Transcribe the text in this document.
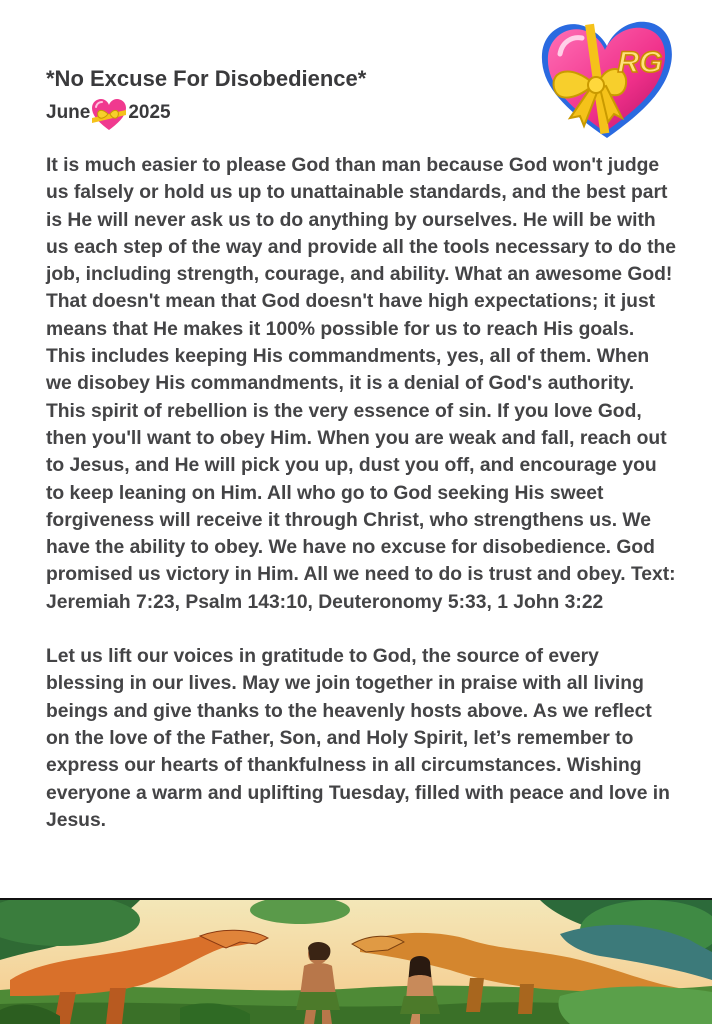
RG
*No Excuse For Disobedience*
June 2025

It is much easier to please God than man because God won't judge us falsely or hold us up to unattainable standards, and the best part is He will never ask us to do anything by ourselves. He will be with us each step of the way and provide all the tools necessary to do the job, including strength, courage, and ability. What an awesome God! That doesn't mean that God doesn't have high expectations; it just means that He makes it 100% possible for us to reach His goals. This includes keeping His commandments, yes, all of them. When we disobey His commandments, it is a denial of God's authority. This spirit of rebellion is the very essence of sin. If you love God, then you'll want to obey Him. When you are weak and fall, reach out to Jesus, and He will pick you up, dust you off, and encourage you to keep leaning on Him. All who go to God seeking His sweet forgiveness will receive it through Christ, who strengthens us. We have the ability to obey. We have no excuse for disobedience. God promised us victory in Him. All we need to do is trust and obey. Text: Jeremiah 7:23, Psalm 143:10, Deuteronomy 5:33, 1 John 3:22

Let us lift our voices in gratitude to God, the source of every blessing in our lives. May we join together in praise with all living beings and give thanks to the heavenly hosts above. As we reflect on the love of the Father, Son, and Holy Spirit, let’s remember to express our hearts of thankfulness in all circumstances. Wishing everyone a warm and uplifting Tuesday, filled with peace and love in Jesus.
